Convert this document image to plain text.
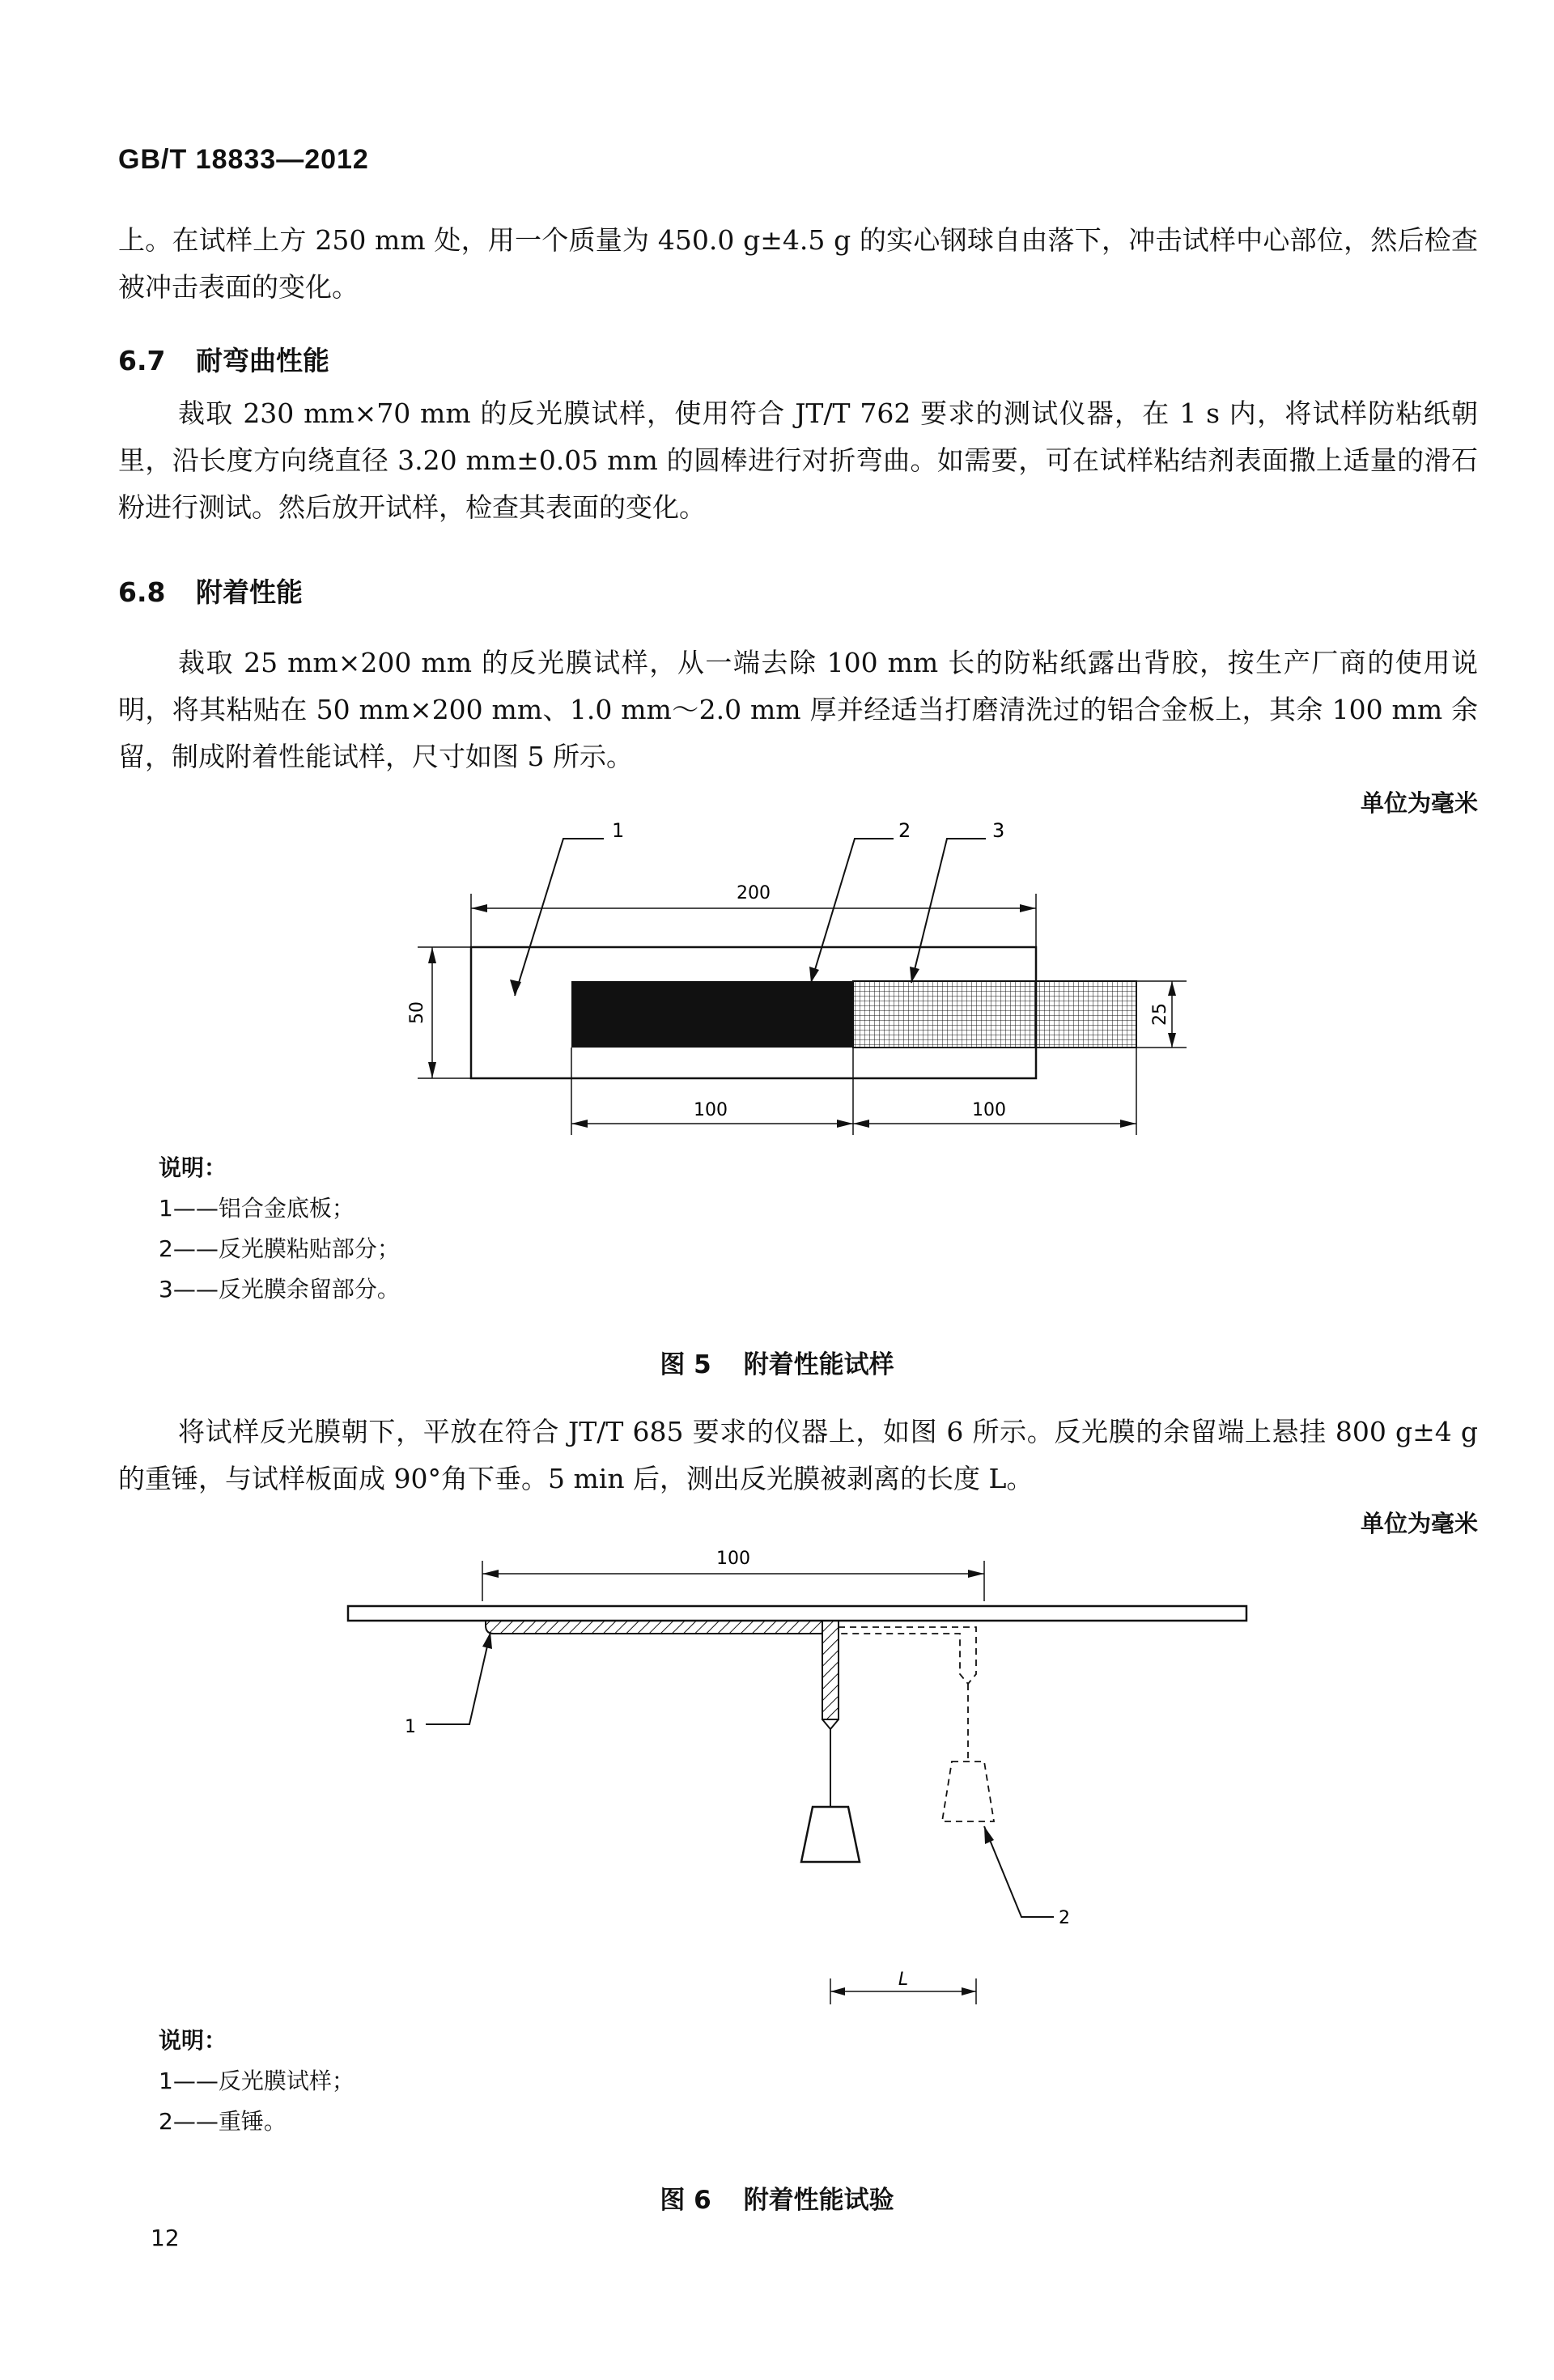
GB/T 18833—2012
上。在试样上方 250 mm 处，用一个质量为 450.0 g±4.5 g 的实心钢球自由落下，冲击试样中心部位，然后检查被冲击表面的变化。
6.7 耐弯曲性能
裁取 230 mm×70 mm 的反光膜试样，使用符合 JT/T 762 要求的测试仪器，在 1 s 内，将试样防粘纸朝里，沿长度方向绕直径 3.20 mm±0.05 mm 的圆棒进行对折弯曲。如需要，可在试样粘结剂表面撒上适量的滑石粉进行测试。然后放开试样，检查其表面的变化。
6.8 附着性能
裁取 25 mm×200 mm 的反光膜试样，从一端去除 100 mm 长的防粘纸露出背胶，按生产厂商的使用说明，将其粘贴在 50 mm×200 mm、1.0 mm～2.0 mm 厚并经适当打磨清洗过的铝合金板上，其余 100 mm 余留，制成附着性能试样，尺寸如图 5 所示。
单位为毫米
1	2	3
200
50	25
100	100
说明：
1——铝合金底板；
2——反光膜粘贴部分；
3——反光膜余留部分。
图 5 附着性能试样
将试样反光膜朝下，平放在符合 JT/T 685 要求的仪器上，如图 6 所示。反光膜的余留端上悬挂 800 g±4 g 的重锤，与试样板面成 90°角下垂。5 min 后，测出反光膜被剥离的长度 L。
单位为毫米
100
1
2
L
说明：
1——反光膜试样；
2——重锤。
图 6 附着性能试验
12
